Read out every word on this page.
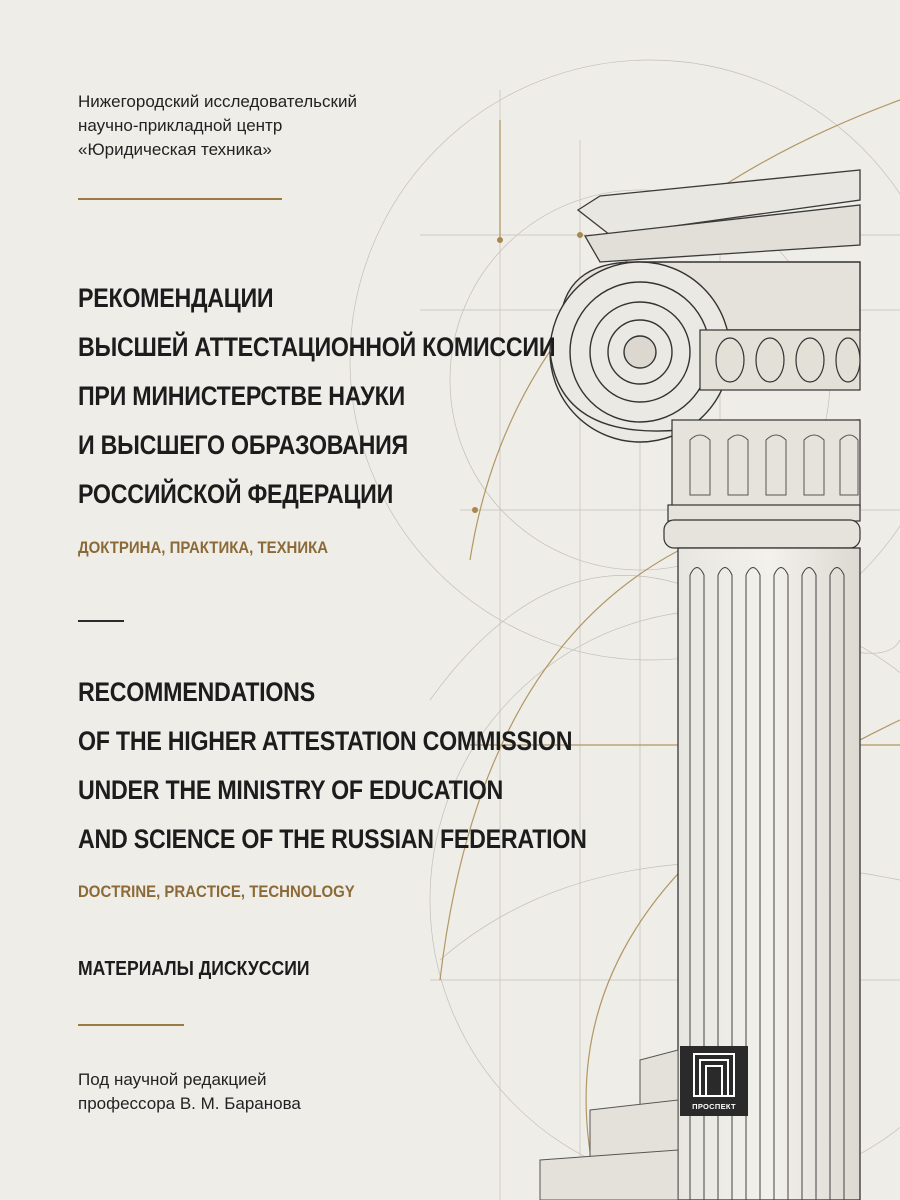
Нижегородский исследовательский
научно-прикладной центр
«Юридическая техника»
РЕКОМЕНДАЦИИ
ВЫСШЕЙ АТТЕСТАЦИОННОЙ КОМИССИИ
ПРИ МИНИСТЕРСТВЕ НАУКИ
И ВЫСШЕГО ОБРАЗОВАНИЯ
РОССИЙСКОЙ ФЕДЕРАЦИИ
ДОКТРИНА, ПРАКТИКА, ТЕХНИКА
RECOMMENDATIONS
OF THE HIGHER ATTESTATION COMMISSION
UNDER THE MINISTRY OF EDUCATION
AND SCIENCE OF THE RUSSIAN FEDERATION
DOCTRINE, PRACTICE, TECHNOLOGY
МАТЕРИАЛЫ ДИСКУССИИ
Под научной редакцией
профессора В. М. Баранова	ПРОСПЕКТ
